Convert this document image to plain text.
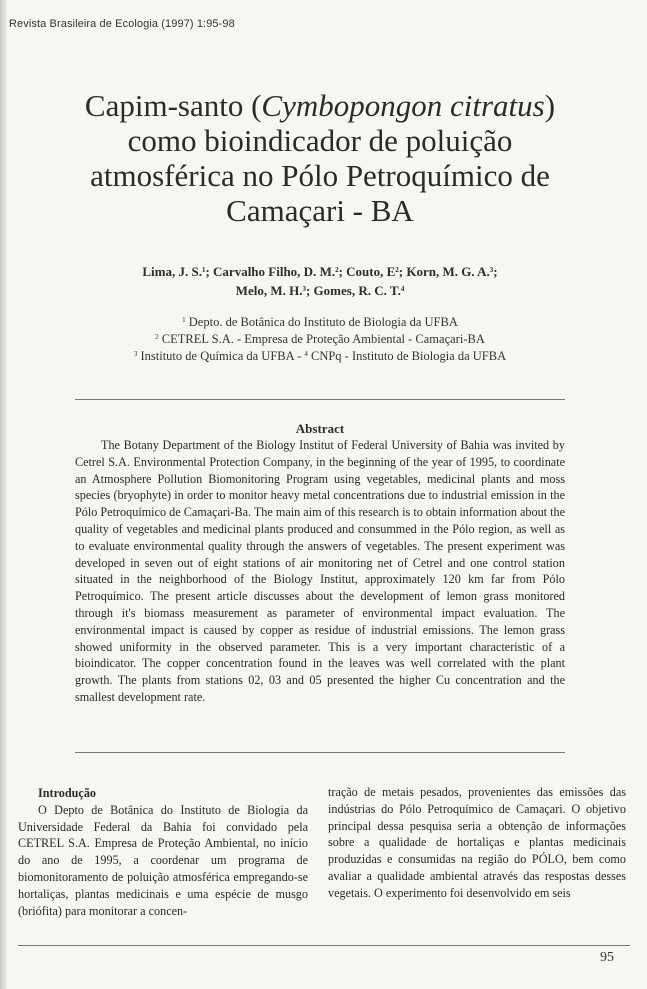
Revista Brasileira de Ecologia (1997) 1:95-98
Capim-santo (Cymbopongon citratus)
como bioindicador de poluição
atmosférica no Pólo Petroquímico de
Camaçari - BA
Lima, J. S.$^1$; Carvalho Filho, D. M.$^2$; Couto, $E^2$; Korn, M. G. A.$^3$;
Melo, M. H.$^3$; Gomes, R. C. T.$^4$
$^1$ Depto. de Botânica do Instituto de Biologia da UFBA
$^2$ CETREL S.A. - Empresa de Proteção Ambiental - Camaçari-BA
$^3$ Instituto de Química da UFBA - $^4$ CNPq - Instituto de Biologia da UFBA
Abstract
The Botany Department of the Biology Institut of Federal University of Bahia was invited by Cetrel S.A. Environmental Protection Company, in the beginning of the year of 1995, to coordinate an Atmosphere Pollution Biomonitoring Program using vegetables, medicinal plants and moss species (bryophyte) in order to monitor heavy metal concentrations due to industrial emission in the Pólo Petroquímico de Camaçari-Ba. The main aim of this research is to obtain information about the quality of vegetables and medicinal plants produced and consummed in the Pólo region, as well as to evaluate environmental quality through the answers of vegetables. The present experiment was developed in seven out of eight stations of air monitoring net of Cetrel and one control station situated in the neighborhood of the Biology Institut, approximately 120 km far from Pólo Petroquímico. The present article discusses about the development of lemon grass monitored through it's biomass measurement as parameter of environmental impact evaluation. The environmental impact is caused by copper as residue of industrial emissions. The lemon grass showed uniformity in the observed parameter. This is a very important characteristic of a bioindicator. The copper concentration found in the leaves was well correlated with the plant growth. The plants from stations 02, 03 and 05 presented the higher Cu concentration and the smallest development rate.
Introdução
O Depto de Botânica do Instituto de Biologia da Universidade Federal da Bahia foi convidado pela CETREL S.A. Empresa de Proteção Ambiental, no início do ano de 1995, a coordenar um programa de biomonitoramento de poluição atmosférica empregando-se hortaliças, plantas medicinais e uma espécie de musgo (briófita) para monitorar a concen-
tração de metais pesados, provenientes das emissões das indústrias do Pólo Petroquímico de Camaçari. O objetivo principal dessa pesquisa seria a obtenção de informações sobre a qualidade de hortaliças e plantas medicinais produzidas e consumidas na região do PÓLO, bem como avaliar a qualidade ambiental através das respostas desses vegetais. O experimento foi desenvolvido em seis
95
